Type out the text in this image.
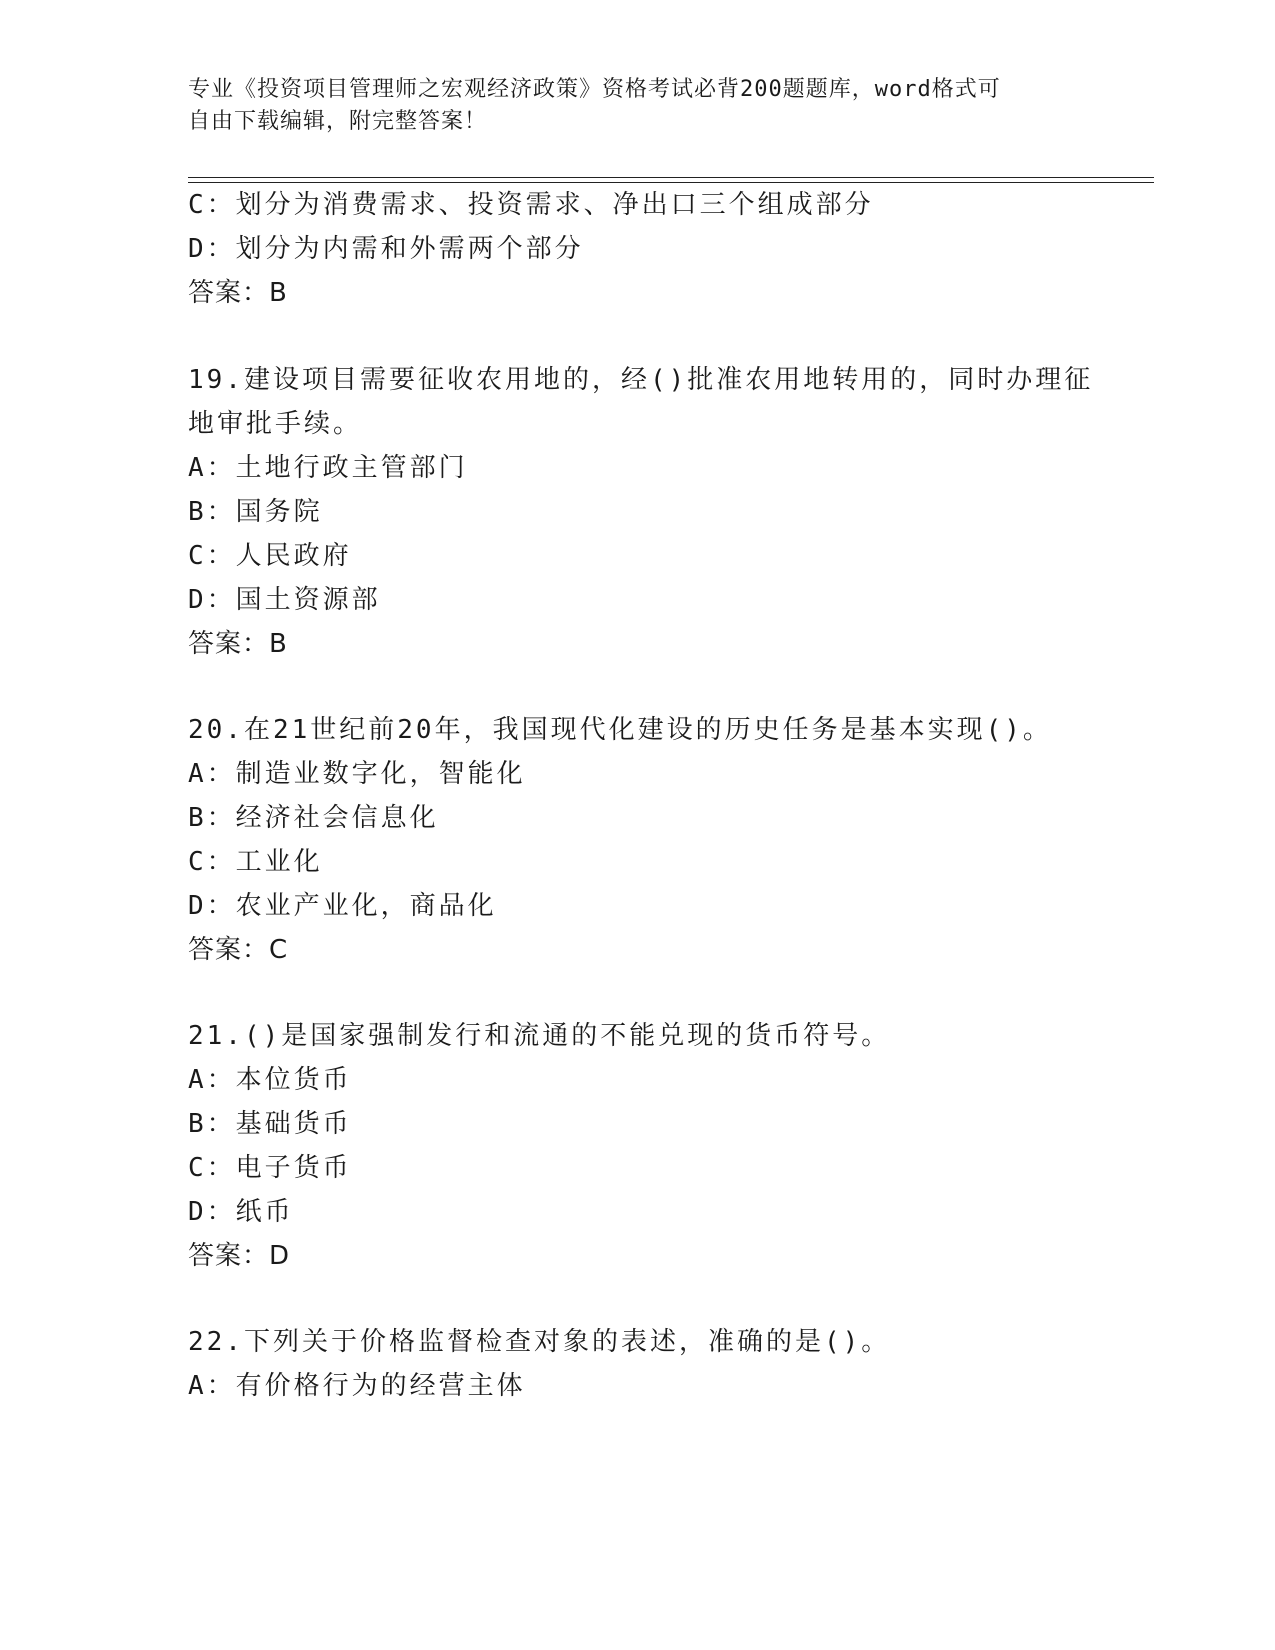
专业《投资项目管理师之宏观经济政策》资格考试必背200题题库，word格式可
自由下载编辑，附完整答案！
C：划分为消费需求、投资需求、净出口三个组成部分
D：划分为内需和外需两个部分
答案：B
19.建设项目需要征收农用地的，经()批准农用地转用的，同时办理征
地审批手续。
A：土地行政主管部门
B：国务院
C：人民政府
D：国土资源部
答案：B
20.在21世纪前20年，我国现代化建设的历史任务是基本实现()。
A：制造业数字化，智能化
B：经济社会信息化
C：工业化
D：农业产业化，商品化
答案：C
21.()是国家强制发行和流通的不能兑现的货币符号。
A：本位货币
B：基础货币
C：电子货币
D：纸币
答案：D
22.下列关于价格监督检查对象的表述，准确的是()。
A：有价格行为的经营主体
